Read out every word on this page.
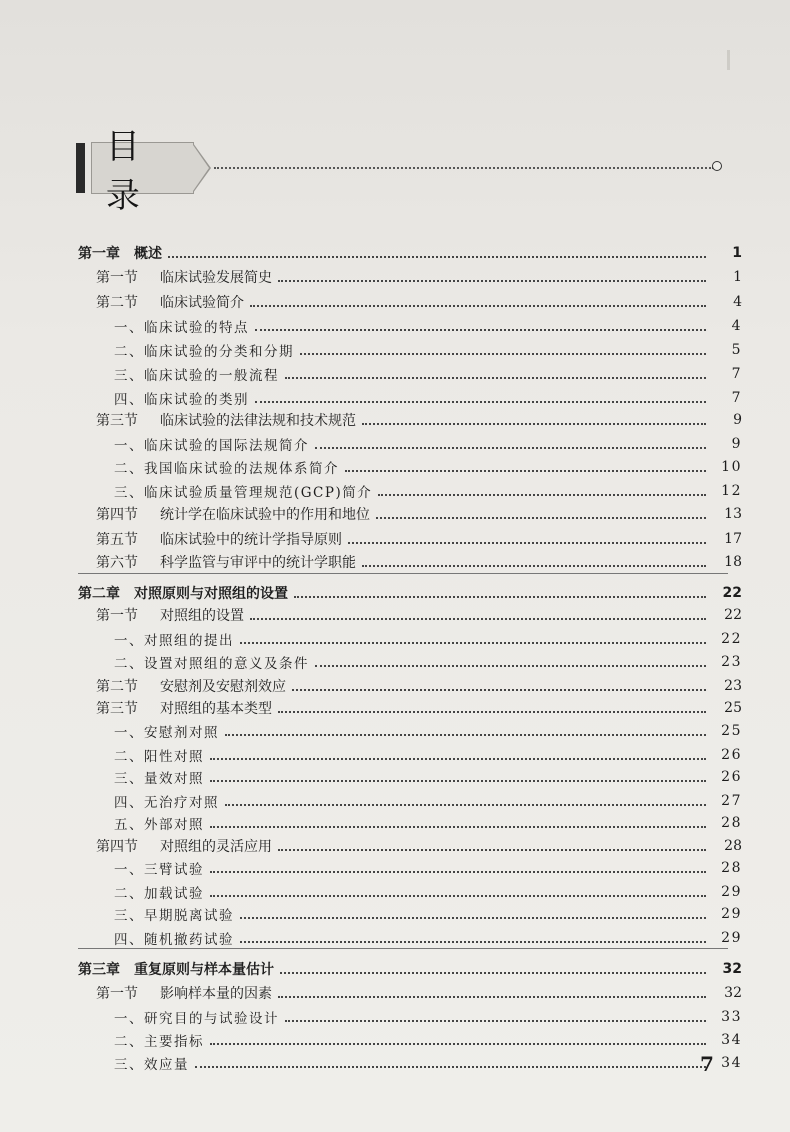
目 录
第一章 概述	1
第一节 临床试验发展简史	1
第二节 临床试验简介	4
一、临床试验的特点	4
二、临床试验的分类和分期	5
三、临床试验的一般流程	7
四、临床试验的类别	7
第三节 临床试验的法律法规和技术规范	9
一、临床试验的国际法规简介	9
二、我国临床试验的法规体系简介	10
三、临床试验质量管理规范(GCP)简介	12
第四节 统计学在临床试验中的作用和地位	13
第五节 临床试验中的统计学指导原则	17
第六节 科学监管与审评中的统计学职能	18
第二章 对照原则与对照组的设置	22
第一节 对照组的设置	22
一、对照组的提出	22
二、设置对照组的意义及条件	23
第二节 安慰剂及安慰剂效应	23
第三节 对照组的基本类型	25
一、安慰剂对照	25
二、阳性对照	26
三、量效对照	26
四、无治疗对照	27
五、外部对照	28
第四节 对照组的灵活应用	28
一、三臂试验	28
二、加载试验	29
三、早期脱离试验	29
四、随机撤药试验	29
第三章 重复原则与样本量估计	32
第一节 影响样本量的因素	32
一、研究目的与试验设计	33
二、主要指标	34
三、效应量	34
7
